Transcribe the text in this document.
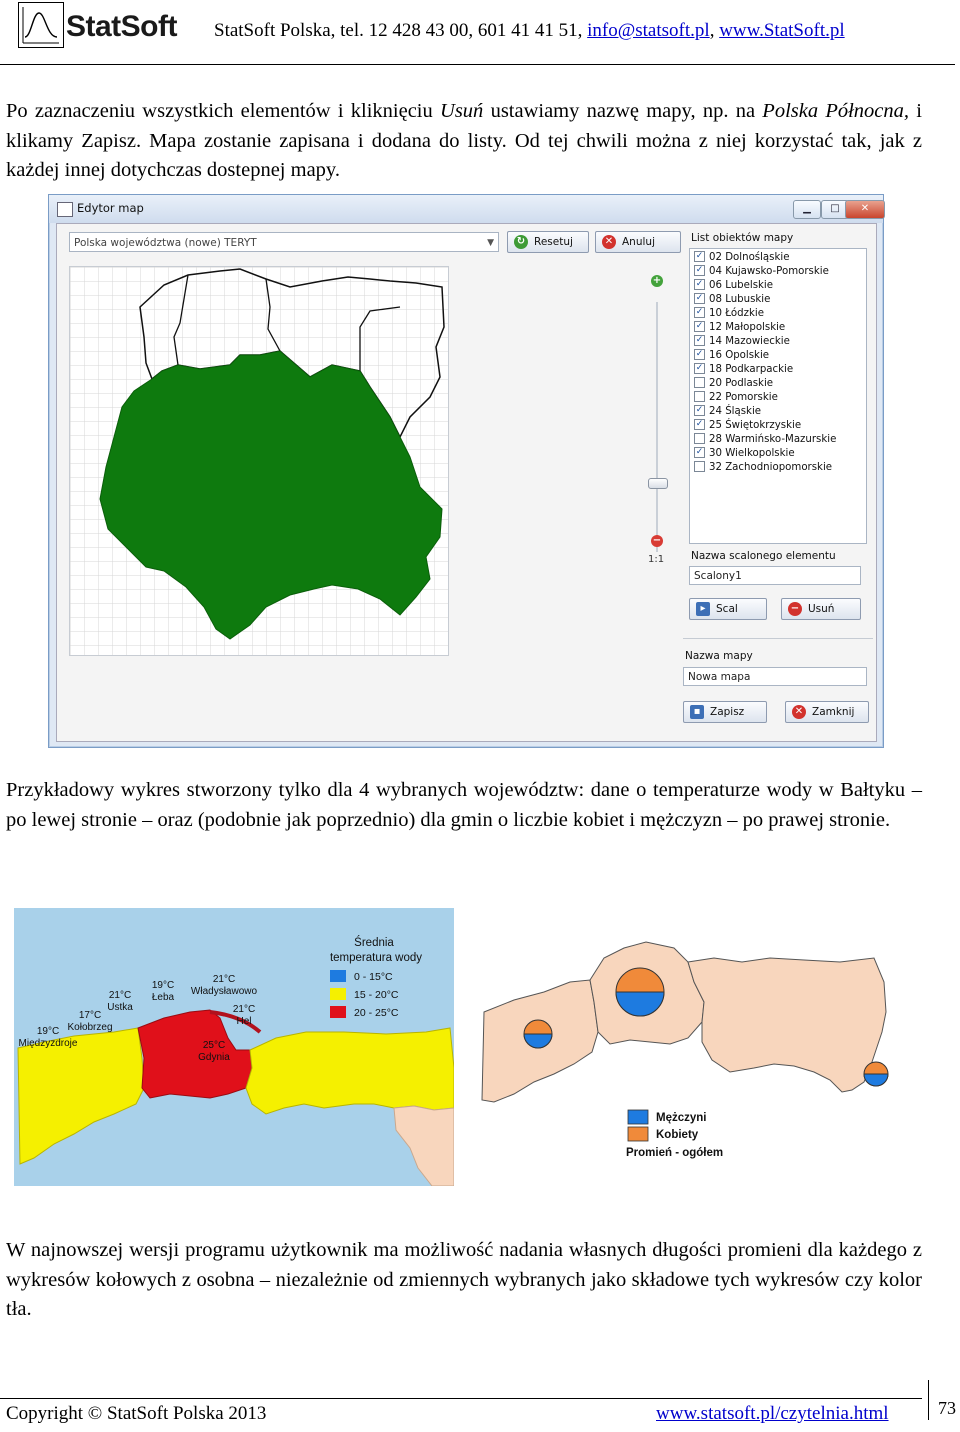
StatSoft StatSoft Polska, tel. 12 428 43 00, 601 41 41 51, info@statsoft.pl, www.StatSoft.pl
Po zaznaczeniu wszystkich elementów i kliknięciu Usuń ustawiamy nazwę mapy, np. na Polska Północna, i klikamy Zapisz. Mapa zostanie zapisana i dodana do listy. Od tej chwili można z niej korzystać tak, jak z każdej innej dotychczas dostepnej mapy.
Edytor map	▁	□	✕
Polska województwa (nowe) TERYT	▼	↻ Resetuj	✕ Anuluj
+
−
1:1
List obiektów mapy
✓ 02 Dolnośląskie
✓ 04 Kujawsko-Pomorskie
✓ 06 Lubelskie
✓ 08 Lubuskie
✓ 10 Łódzkie
✓ 12 Małopolskie
✓ 14 Mazowieckie
✓ 16 Opolskie
✓ 18 Podkarpackie
20 Podlaskie
22 Pomorskie
✓ 24 Śląskie
✓ 25 Świętokrzyskie
28 Warmińsko-Mazurskie
✓ 30 Wielkopolskie
32 Zachodniopomorskie
Nazwa scalonego elementu
Scalony1
▸ Scal	− Usuń
Nazwa mapy
Nowa mapa
▪ Zapisz	✕ Zamknij
Przykładowy wykres stworzony tylko dla 4 wybranych województw: dane o temperaturze wody w Bałtyku – po lewej stronie – oraz (podobnie jak poprzednio) dla gmin o liczbie kobiet i mężczyzn – po prawej stronie.
Średnia
temperatura wody
0 - 15°C
15 - 20°C
20 - 25°C
19°C
Międzyzdroje
17°C
Kołobrzeg
21°C
Ustka
19°C
Łeba
21°C
Władysławowo
21°C
Hel
25°C
Gdynia
Mężczyni
Kobiety
Promień - ogółem
W najnowszej wersji programu użytkownik ma możliwość nadania własnych długości promieni dla każdego z wykresów kołowych z osobna – niezależnie od zmiennych wybranych jako składowe tych wykresów czy kolor tła.
Copyright © StatSoft Polska 2013	www.statsoft.pl/czytelnia.html	73
